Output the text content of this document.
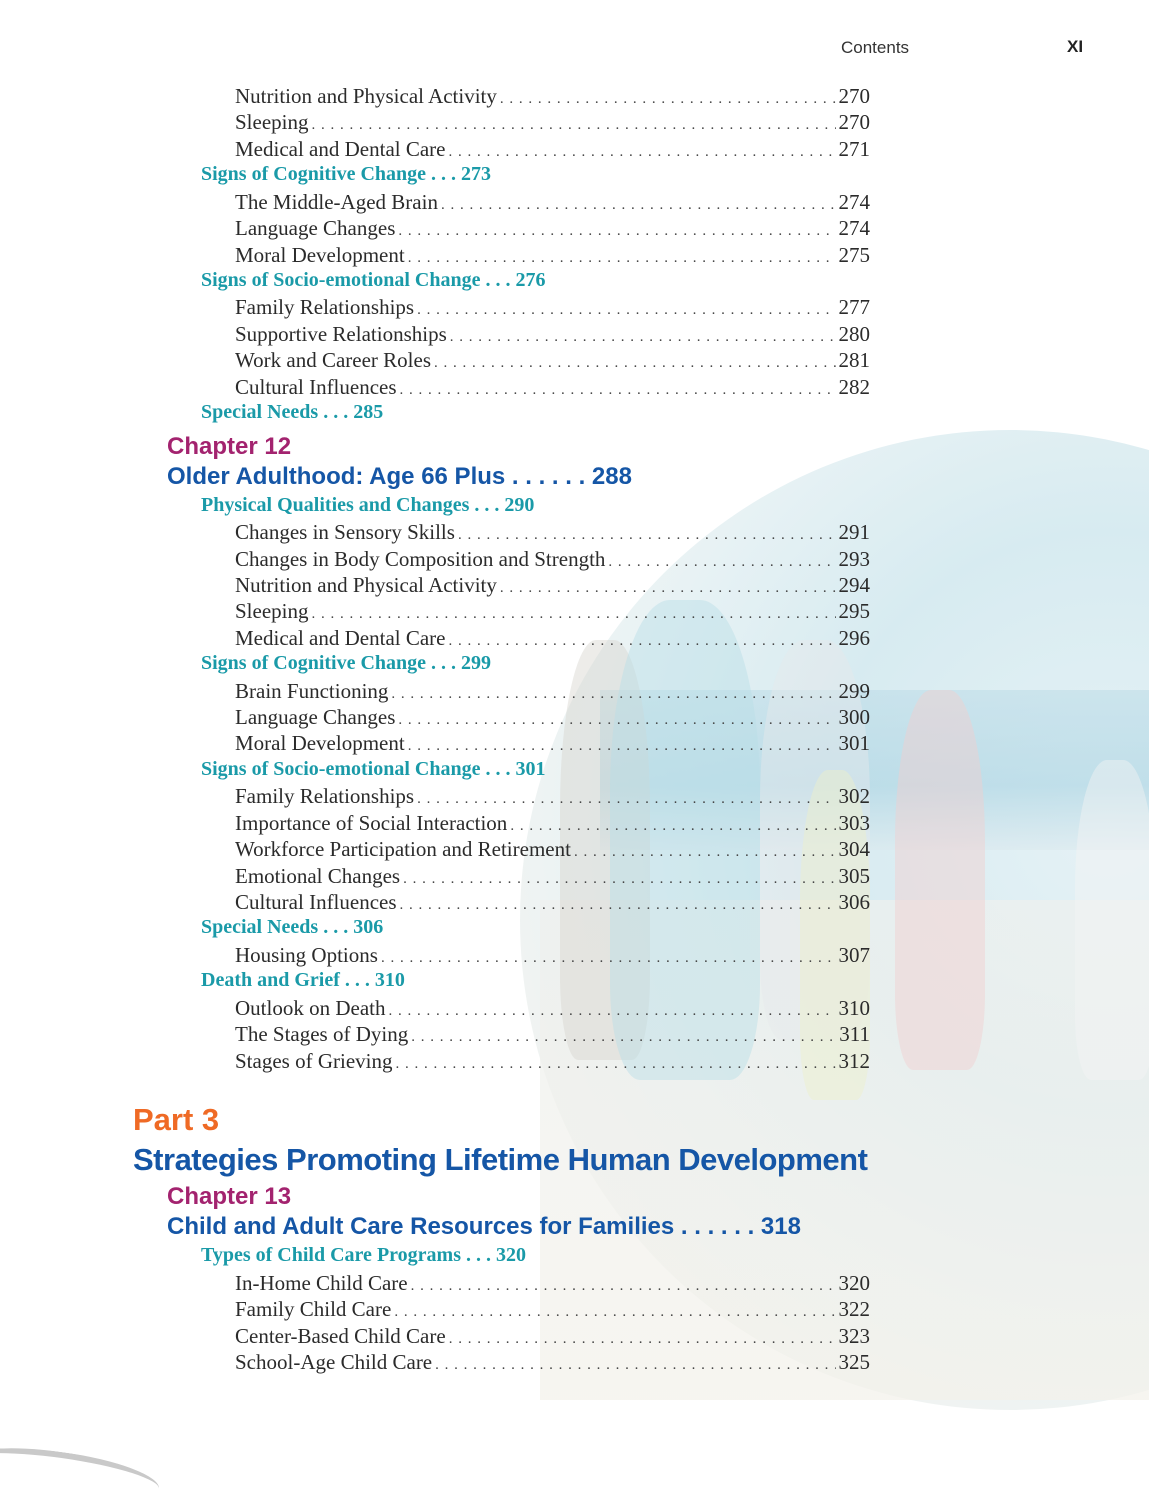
Contents	XI
Nutrition and Physical Activity . . .	270
Sleeping . . .	270
Medical and Dental Care . . .	271
Signs of Cognitive Change . . . 273
The Middle-Aged Brain . . .	274
Language Changes . . .	274
Moral Development . . .	275
Signs of Socio-emotional Change . . . 276
Family Relationships . . .	277
Supportive Relationships . . .	280
Work and Career Roles . . .	281
Cultural Influences . . .	282
Special Needs . . . 285
Chapter 12
Older Adulthood: Age 66 Plus . . . . . . 288
Physical Qualities and Changes . . . 290
Changes in Sensory Skills . . .	291
Changes in Body Composition and Strength . . .	293
Nutrition and Physical Activity . . .	294
Sleeping . . .	295
Medical and Dental Care . . .	296
Signs of Cognitive Change . . . 299
Brain Functioning . . .	299
Language Changes . . .	300
Moral Development . . .	301
Signs of Socio-emotional Change . . . 301
Family Relationships . . .	302
Importance of Social Interaction . . .	303
Workforce Participation and Retirement . . .	304
Emotional Changes . . .	305
Cultural Influences . . .	306
Special Needs . . . 306
Housing Options . . .	307
Death and Grief . . . 310
Outlook on Death . . .	310
The Stages of Dying . . .	311
Stages of Grieving . . .	312
Part 3
Strategies Promoting Lifetime Human Development
Chapter 13
Child and Adult Care Resources for Families . . . . . . 318
Types of Child Care Programs . . . 320
In-Home Child Care . . .	320
Family Child Care . . .	322
Center-Based Child Care . . .	323
School-Age Child Care . . .	325
